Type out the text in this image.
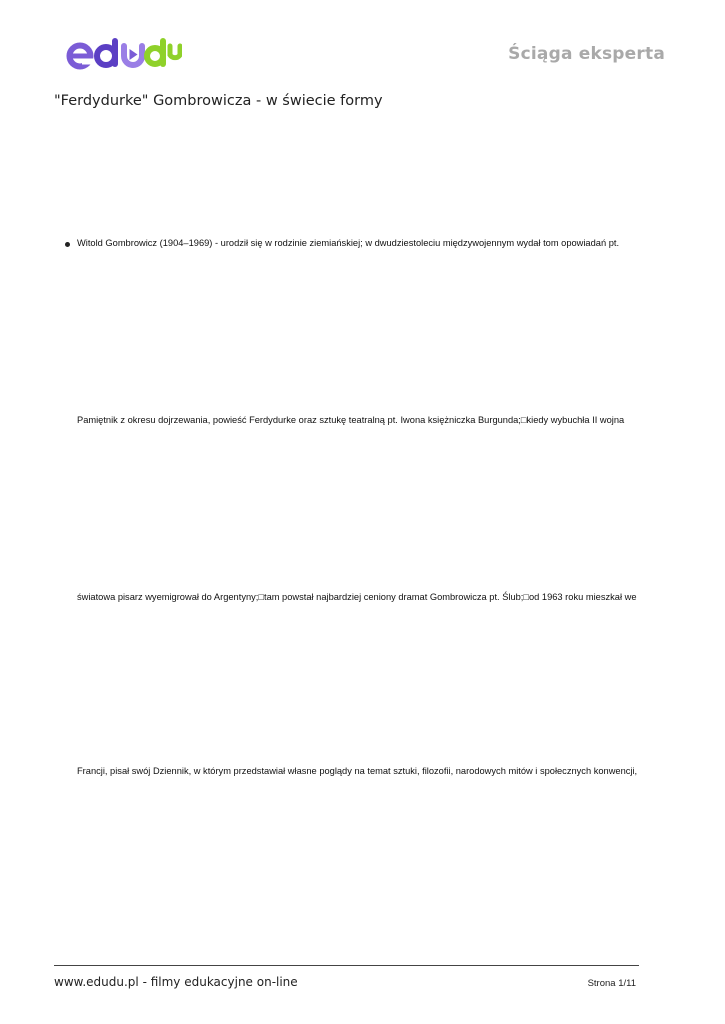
Ściąga eksperta
"Ferdydurke" Gombrowicza - w świecie formy
Witold Gombrowicz (1904–1969) - urodził się w rodzinie ziemiańskiej; w dwudziestoleciu międzywojennym wydał tom opowiadań pt.
Pamiętnik z okresu dojrzewania, powieść Ferdydurke oraz sztukę teatralną pt. Iwona księżniczka Burgunda;□kiedy wybuchła II wojna
światowa pisarz wyemigrował do Argentyny;□tam powstał najbardziej ceniony dramat Gombrowicza pt. Ślub;□od 1963 roku mieszkał we
Francji, pisał swój Dziennik, w którym przedstawiał własne poglądy na temat sztuki, filozofii, narodowych mitów i społecznych konwencji,
www.edudu.pl - filmy edukacyjne on-line	Strona 1/11
